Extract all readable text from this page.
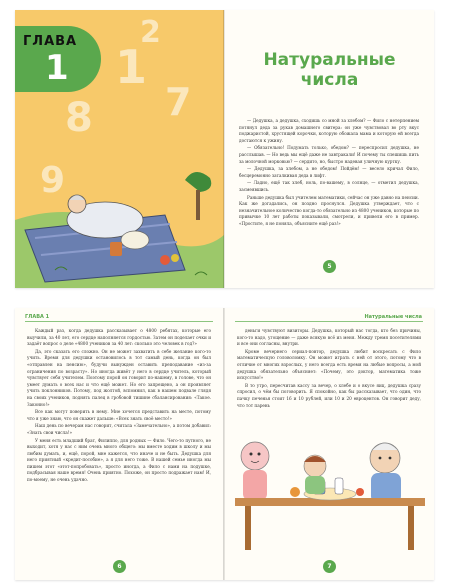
1
8 7
9
2
ГЛАВА
1	Натуральные
числа

— Дедушка, а дедушка, сходишь со мной за хлебом? — Фило с нетерпением потянул деда за рукав домашнего свитера: он уже чувствовал во рту вкус поджаристой, хрустящей корочки, которую обожала мама и которую ей всегда достаются к ужину.

— Обязательно! Подумать только, обедом? — переспросил дедушка, не расслышав. — Но ведь мы ещё даже не завтракали! И почему ты спешишь пить за молочной морковью? — сердито, но, быстро надевая уличную куртку.

— Дедушка, за хлебом, а не обедом! Пойдём! — весело кричал Фило, бесцеремонно заталкивая деда в лифт.

— Ладно, ещё так хлеб, ноль, по-вашему, в солнце, — отметил дедушка, засмеявшись.

Раньше дедушка был учителем математики, сейчас он уже давно на пенсии. Как же догадались, он поздно проснулся. Дедушка утверждает, что с незначительное количество когда-то обязательно из 4800 учеников, которые по привычке 10 лет работы показывали, смотрели, и привели его в пример. «Простите, я не поняла, объясните ещё раз!»

5
ГЛАВА 1

Каждый раз, когда дедушка рассказывает о 4800 ребятах, которые его выучили, за 40 лет, его сердце наполняется гордостью. Затем он поделает очки и задаёт вопрос о деле «4800 учеников за 40 лет: сколько это человек в год?»

Да, это сказать его сложно. Он не может захватить в себе желание кого-то учить. Время для дедушки остановилось в тот самый день, когда он был «отправлен на пенсию», будучи вынужден оставить преподавание «из-за ограничения по возрасту». Но иногда живёт у него в сердце учитель, который чувствует себя учителем. Поэтому порой он говорит по-нашему, в голове, что он умеет думать о всех нас и что ещё может. Но его запрещено, а он проявляет учить поклонников. Потому, под жолтой, вспомнил, как в нашем подвале глядя на своих учеников, поднять палец в гробовой тишине сбалансирования: «Такое. Законно!»

Все как могут поверить в нему. Мне хочется представить на месте, потому что я уже знаю, что он скажет дальше: «Всех знать своё место!»

Наш день по вечерам нас говорит, считала «Замечательно», а потом добавил: «Знать свои числа!»

У меня есть младший брат, Филиппо, для родных — Фило. Чего-то путного, не выходит, хотя у нас с ним очень много общего: мы вместе ходим в школу и мы любим думать, и, ещё, порой, мне кажется, что иначе и не быть. Дедушка для него приятный «кредит-пособие», а я для него тоже. В нашей семье иногда мы пишем этот «этот-попробовать», просто иногда, а Фило с нами на подушке, подбрасывая наше время! Очень приятно. Похоже, он просто подражает нам! И, по-моему, не очень удачно.

6
Натуральные числа

деньги чувствуют визиторы. Дедушка, который нас тогда, кто без причины, кого-то надо, угощение — даже всякую всё из меня. Между тремя посетителями и все они согласны, внутри.

Кроме вечернего сериал-повтор, дедушка любит воскресать с Фило математическую головоломку. Он может играть с ней от этого, потому что в отличие от многих взрослых, у него всегда есть время на любые вопросы, а мой дедушка обязательно объясняет: «Почему, это доктор, математика тоже искусство!»

В то утро, пересчитав кассу за вечер, о хлебе и о вкусе яиц, дедушка сразу спросил, о чём бы поговорить. Я спокойно, как бы рассказывает, что один, что пачку печенья стоит 16 и 10 рублей, или 10 и 20 евроцентов. Он говорит деду, что тот парень

7
